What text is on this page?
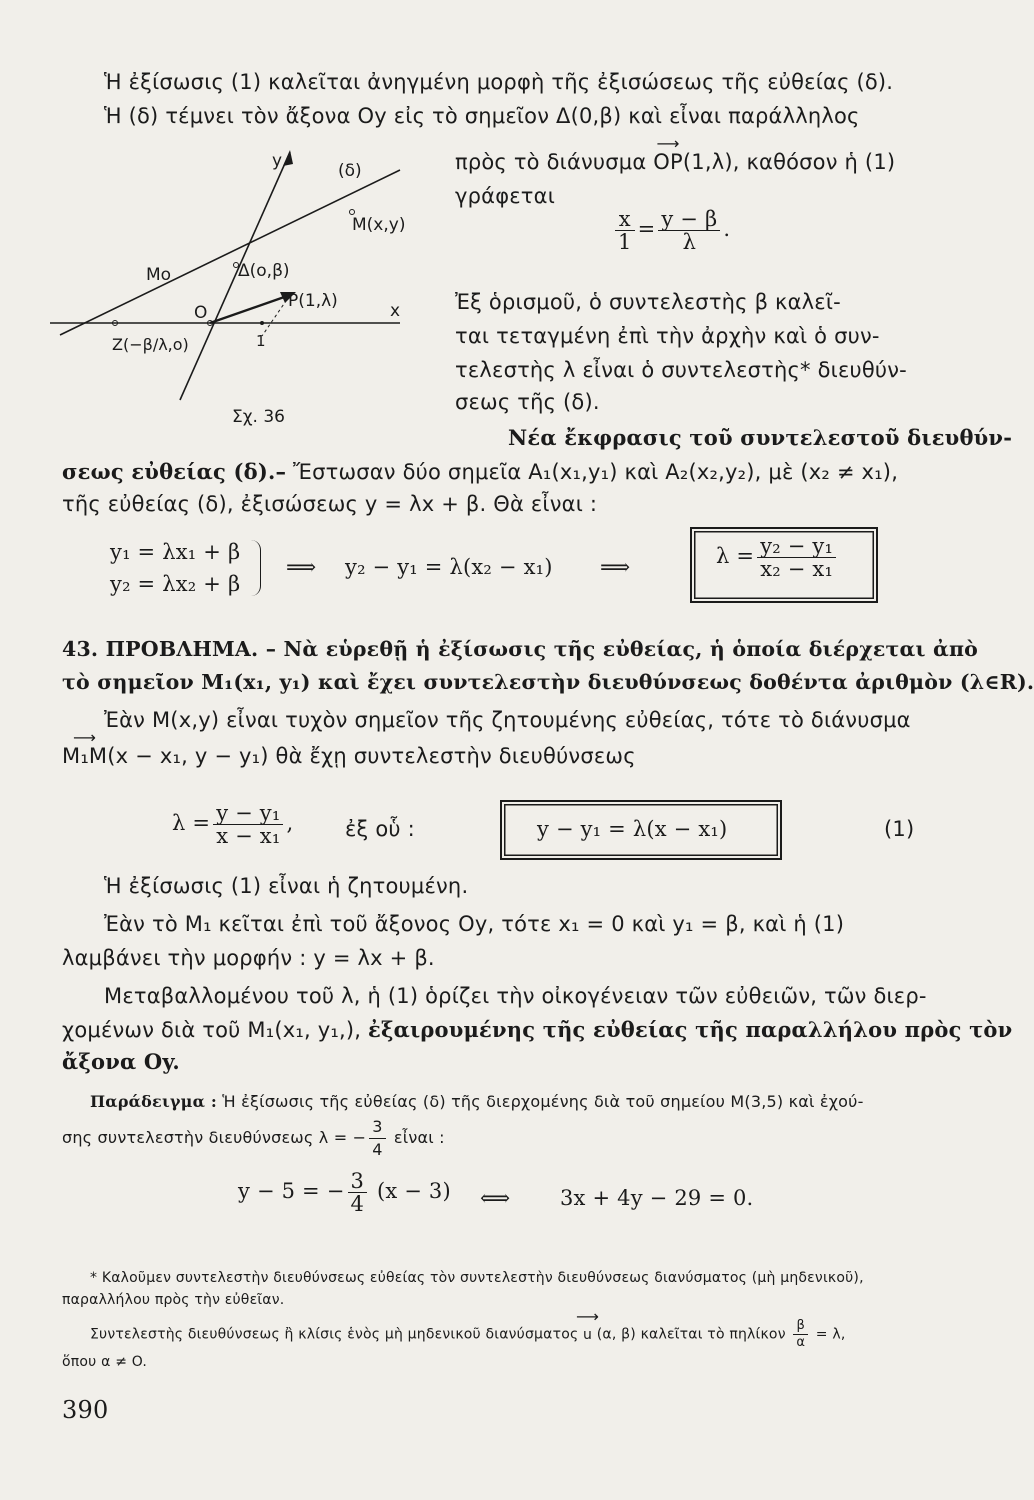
Ἡ ἐξίσωσις (1) καλεῖται ἀνηγμένη μορφὴ τῆς ἐξισώσεως τῆς εὐθείας (δ).
Ἡ (δ) τέμνει τὸν ἄξονα Oy εἰς τὸ σημεῖον Δ(0,β) καὶ εἶναι παράλληλος
πρὸς τὸ διάνυσμα ⟶ OP(1,λ), καθόσον ἡ (1)
γράφεται
$\frac{x}{1} = \frac{y - \beta}{\lambda}$ .
Ἐξ ὁρισμοῦ, ὁ συντελεστὴς β καλεῖ-
ται τεταγμένη ἐπὶ τὴν ἀρχὴν καὶ ὁ συν-
τελεστὴς λ εἶναι ὁ συντελεστὴς* διευθύν-
σεως τῆς (δ).
y	(δ)
M(x,y)
Mo	Δ(o,β)
O
P(1,λ)	x
Z(−β/λ,o)	1
Σχ. 36
Νέα ἔκφρασις τοῦ συντελεστοῦ διευθύν-
σεως εὐθείας (δ).– Ἔστωσαν δύο σημεῖα A₁(x₁,y₁) καὶ A₂(x₂,y₂), μὲ (x₂ ≠ x₁),
τῆς εὐθείας (δ), ἐξισώσεως y = λx + β. Θὰ εἶναι :
y₁ = λx₁ + β
y₂ = λx₂ + β
⟹ y₂ − y₁ = λ(x₂ − x₁) ⟹	$\lambda = \frac{\text{y₂ − y₁}}{\text{x₂ − x₁}}$
43. ΠΡΟΒΛΗΜΑ. – Νὰ εὑρεθῇ ἡ ἐξίσωσις τῆς εὐθείας, ἡ ὁποία διέρχεται ἀπὸ
τὸ σημεῖον M₁(x₁, y₁) καὶ ἔχει συντελεστὴν διευθύνσεως δοθέντα ἀριθμὸν (λ∈R).
Ἐὰν M(x,y) εἶναι τυχὸν σημεῖον τῆς ζητουμένης εὐθείας, τότε τὸ διάνυσμα
⟶ M₁M(x − x₁, y − y₁) θὰ ἔχῃ συντελεστὴν διευθύνσεως
$\lambda = \frac{\text{y − y₁}}{\text{x − x₁}}$ , ἐξ οὗ :	y − y₁ = λ(x − x₁)	(1)
Ἡ ἐξίσωσις (1) εἶναι ἡ ζητουμένη.
Ἐὰν τὸ M₁ κεῖται ἐπὶ τοῦ ἄξονος Oy, τότε x₁ = 0 καὶ y₁ = β, καὶ ἡ (1)
λαμβάνει τὴν μορφήν : y = λx + β.
Μεταβαλλομένου τοῦ λ, ἡ (1) ὁρίζει τὴν οἰκογένειαν τῶν εὐθειῶν, τῶν διερ-
χομένων διὰ τοῦ M₁(x₁, y₁,), ἐξαιρουμένης τῆς εὐθείας τῆς παραλλήλου πρὸς τὸν
ἄξονα Oy.
Παράδειγμα : Ἡ ἐξίσωσις τῆς εὐθείας (δ) τῆς διερχομένης διὰ τοῦ σημείου M(3,5) καὶ ἐχού-
σης συντελεστὴν διευθύνσεως λ = − $\frac{3}{4}$ εἶναι :
y − 5 = − $\frac{3}{4} (x - 3)$ ⟺ 3x + 4y − 29 = 0.
* Καλοῦμεν συντελεστὴν διευθύνσεως εὐθείας τὸν συντελεστὴν διευθύνσεως διανύσματος (μὴ μηδενικοῦ),
παραλλήλου πρὸς τὴν εὐθεῖαν.
Συντελεστὴς διευθύνσεως ἢ κλίσις ἑνὸς μὴ μηδενικοῦ διανύσματος ⟶ u (α, β) καλεῖται τὸ πηλίκον $\frac{\beta}{\alpha} = \lambda$,
ὅπου α ≠ O.
390
